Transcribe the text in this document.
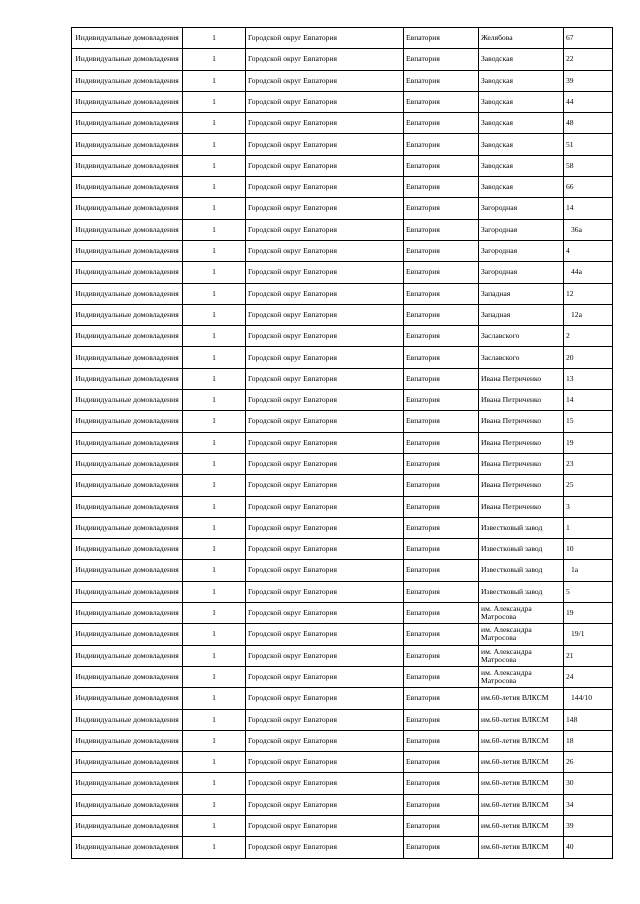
Индивидуальные домовладения	1	Городской округ Евпатория	Евпатория	Желябова	67
Индивидуальные домовладения	1	Городской округ Евпатория	Евпатория	Заводская	22
Индивидуальные домовладения	1	Городской округ Евпатория	Евпатория	Заводская	39
Индивидуальные домовладения	1	Городской округ Евпатория	Евпатория	Заводская	44
Индивидуальные домовладения	1	Городской округ Евпатория	Евпатория	Заводская	48
Индивидуальные домовладения	1	Городской округ Евпатория	Евпатория	Заводская	51
Индивидуальные домовладения	1	Городской округ Евпатория	Евпатория	Заводская	58
Индивидуальные домовладения	1	Городской округ Евпатория	Евпатория	Заводская	66
Индивидуальные домовладения	1	Городской округ Евпатория	Евпатория	Загородная	14
Индивидуальные домовладения	1	Городской округ Евпатория	Евпатория	Загородная	36а
Индивидуальные домовладения	1	Городской округ Евпатория	Евпатория	Загородная	4
Индивидуальные домовладения	1	Городской округ Евпатория	Евпатория	Загородная	44а
Индивидуальные домовладения	1	Городской округ Евпатория	Евпатория	Западная	12
Индивидуальные домовладения	1	Городской округ Евпатория	Евпатория	Западная	12а
Индивидуальные домовладения	1	Городской округ Евпатория	Евпатория	Заславского	2
Индивидуальные домовладения	1	Городской округ Евпатория	Евпатория	Заславского	20
Индивидуальные домовладения	1	Городской округ Евпатория	Евпатория	Ивана Петриченко	13
Индивидуальные домовладения	1	Городской округ Евпатория	Евпатория	Ивана Петриченко	14
Индивидуальные домовладения	1	Городской округ Евпатория	Евпатория	Ивана Петриченко	15
Индивидуальные домовладения	1	Городской округ Евпатория	Евпатория	Ивана Петриченко	19
Индивидуальные домовладения	1	Городской округ Евпатория	Евпатория	Ивана Петриченко	23
Индивидуальные домовладения	1	Городской округ Евпатория	Евпатория	Ивана Петриченко	25
Индивидуальные домовладения	1	Городской округ Евпатория	Евпатория	Ивана Петриченко	3
Индивидуальные домовладения	1	Городской округ Евпатория	Евпатория	Известковый завод	1
Индивидуальные домовладения	1	Городской округ Евпатория	Евпатория	Известковый завод	10
Индивидуальные домовладения	1	Городской округ Евпатория	Евпатория	Известковый завод	1а
Индивидуальные домовладения	1	Городской округ Евпатория	Евпатория	Известковый завод	5
Индивидуальные домовладения	1	Городской округ Евпатория	Евпатория	им. Александра Матросова	19
Индивидуальные домовладения	1	Городской округ Евпатория	Евпатория	им. Александра Матросова	19/1
Индивидуальные домовладения	1	Городской округ Евпатория	Евпатория	им. Александра Матросова	21
Индивидуальные домовладения	1	Городской округ Евпатория	Евпатория	им. Александра Матросова	24
Индивидуальные домовладения	1	Городской округ Евпатория	Евпатория	им.60-летия ВЛКСМ	144/10
Индивидуальные домовладения	1	Городской округ Евпатория	Евпатория	им.60-летия ВЛКСМ	148
Индивидуальные домовладения	1	Городской округ Евпатория	Евпатория	им.60-летия ВЛКСМ	18
Индивидуальные домовладения	1	Городской округ Евпатория	Евпатория	им.60-летия ВЛКСМ	26
Индивидуальные домовладения	1	Городской округ Евпатория	Евпатория	им.60-летия ВЛКСМ	30
Индивидуальные домовладения	1	Городской округ Евпатория	Евпатория	им.60-летия ВЛКСМ	34
Индивидуальные домовладения	1	Городской округ Евпатория	Евпатория	им.60-летия ВЛКСМ	39
Индивидуальные домовладения	1	Городской округ Евпатория	Евпатория	им.60-летия ВЛКСМ	40
